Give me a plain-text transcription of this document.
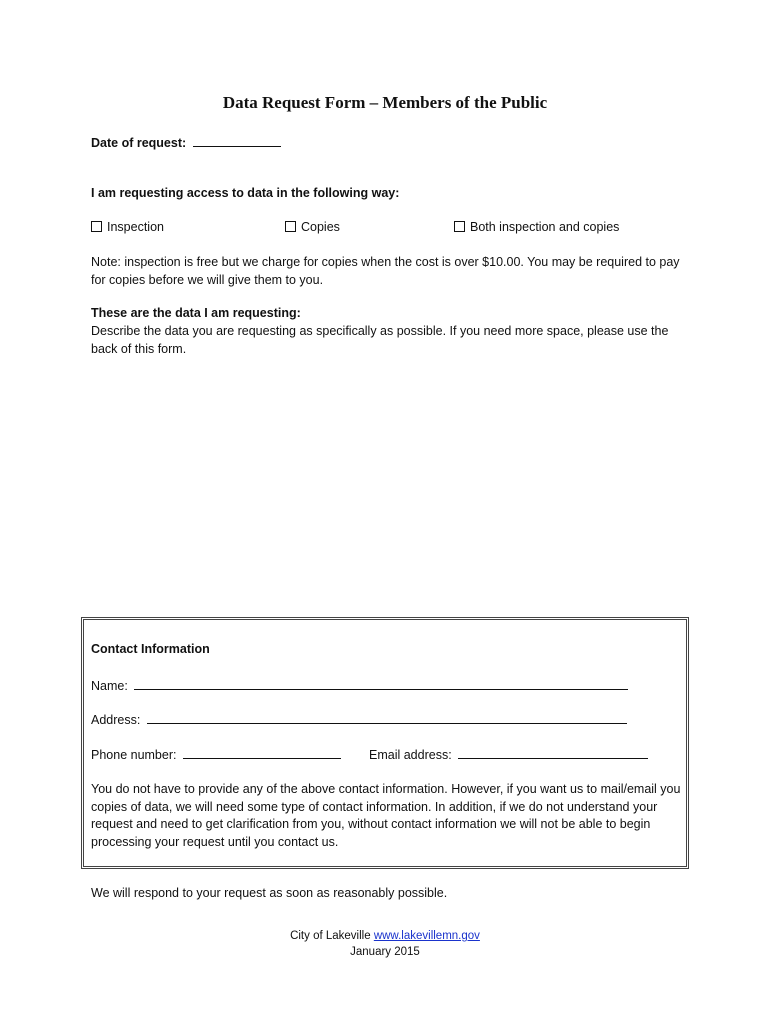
Data Request Form – Members of the Public
Date of request:
I am requesting access to data in the following way:
Inspection	Copies	Both inspection and copies
Note: inspection is free but we charge for copies when the cost is over $10.00. You may be required to pay for copies before we will give them to you.
These are the data I am requesting:
Describe the data you are requesting as specifically as possible. If you need more space, please use the back of this form.
Contact Information
Name:
Address:
Phone number:	Email address:
You do not have to provide any of the above contact information. However, if you want us to mail/email you copies of data, we will need some type of contact information. In addition, if we do not understand your request and need to get clarification from you, without contact information we will not be able to begin processing your request until you contact us.
We will respond to your request as soon as reasonably possible.
City of Lakeville www.lakevillemn.gov
January 2015
